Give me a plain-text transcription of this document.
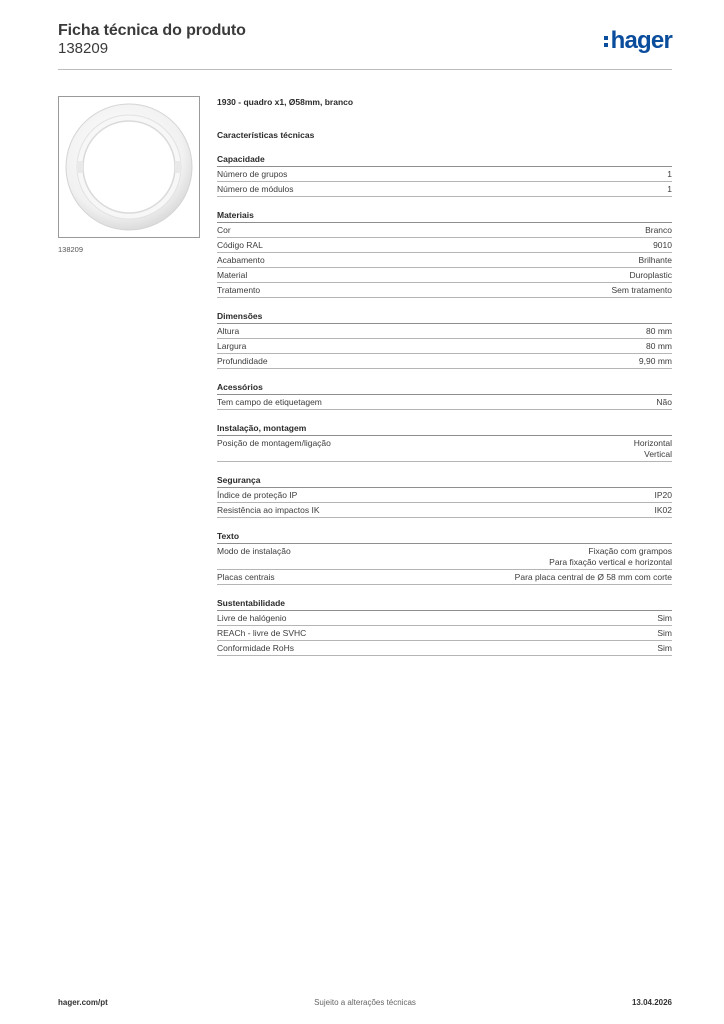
Ficha técnica do produto
138209	hager
138209
1930 - quadro x1, Ø58mm, branco
Características técnicas
Capacidade
Número de grupos	1
Número de módulos	1
Materiais
Cor	Branco
Código RAL	9010
Acabamento	Brilhante
Material	Duroplastic
Tratamento	Sem tratamento
Dimensões
Altura	80 mm
Largura	80 mm
Profundidade	9,90 mm
Acessórios
Tem campo de etiquetagem	Não
Instalação, montagem
Posição de montagem/ligação	Horizontal
Vertical
Segurança
Índice de proteção IP	IP20
Resistência ao impactos IK	IK02
Texto
Modo de instalação	Fixação com grampos
Para fixação vertical e horizontal
Placas centrais	Para placa central de Ø 58 mm com corte
Sustentabilidade
Livre de halógenio	Sim
REACh - livre de SVHC	Sim
Conformidade RoHs	Sim
hager.com/pt	Sujeito a alterações técnicas	13.04.2026
